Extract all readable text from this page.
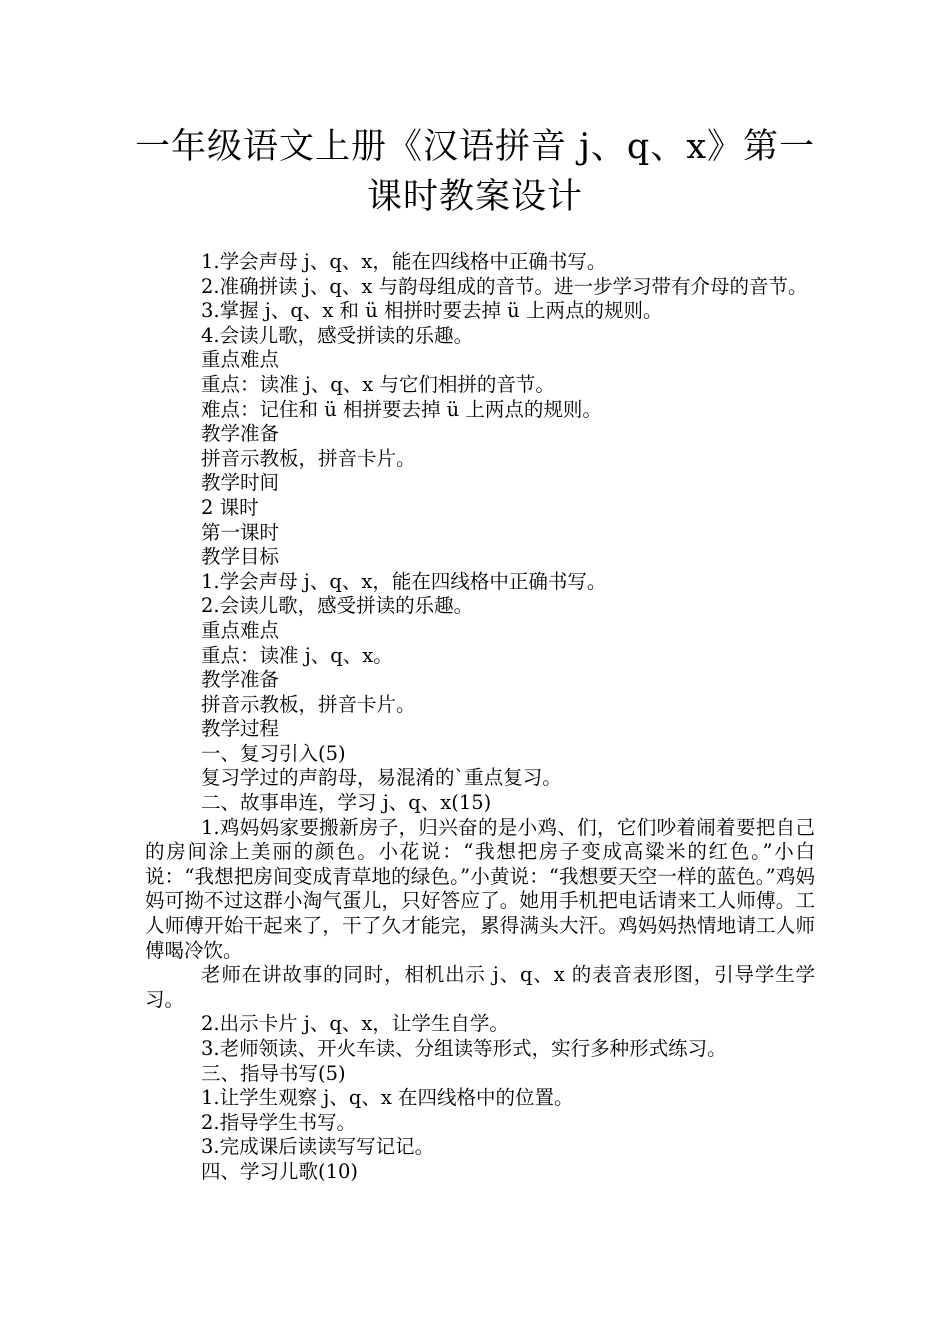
一年级语文上册《汉语拼音 j、q、x》第一
课时教案设计

1.学会声母 j、q、x，能在四线格中正确书写。

2.准确拼读 j、q、x 与韵母组成的音节。进一步学习带有介母的音节。

3.掌握 j、q、x 和 ü 相拼时要去掉 ü 上两点的规则。

4.会读儿歌，感受拼读的乐趣。

重点难点

重点：读准 j、q、x 与它们相拼的音节。

难点：记住和 ü 相拼要去掉 ü 上两点的规则。

教学准备

拼音示教板，拼音卡片。

教学时间

2 课时

第一课时

教学目标

1.学会声母 j、q、x，能在四线格中正确书写。

2.会读儿歌，感受拼读的乐趣。

重点难点

重点：读准 j、q、x。

教学准备

拼音示教板，拼音卡片。

教学过程

一、复习引入(5)

复习学过的声韵母，易混淆的`重点复习。

二、故事串连，学习 j、q、x(15)

1.鸡妈妈家要搬新房子，归兴奋的是小鸡、们，它们吵着闹着要把自己的房间涂上美丽的颜色。小花说：“我想把房子变成高粱米的红色。”小白说：“我想把房间变成青草地的绿色。”小黄说：“我想要天空一样的蓝色。”鸡妈妈可拗不过这群小淘气蛋儿，只好答应了。她用手机把电话请来工人师傅。工人师傅开始干起来了，干了久才能完，累得满头大汗。鸡妈妈热情地请工人师傅喝冷饮。

老师在讲故事的同时，相机出示 j、q、x 的表音表形图，引导学生学习。

2.出示卡片 j、q、x，让学生自学。

3.老师领读、开火车读、分组读等形式，实行多种形式练习。

三、指导书写(5)

1.让学生观察 j、q、x 在四线格中的位置。

2.指导学生书写。

3.完成课后读读写写记记。

四、学习儿歌(10)
